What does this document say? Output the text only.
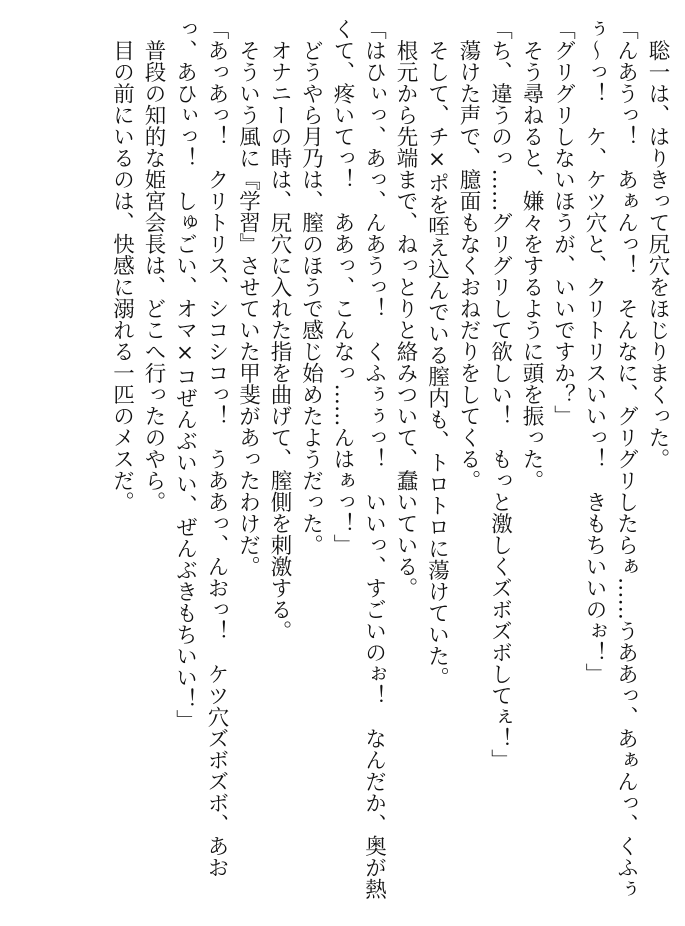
　聡一は、はりきって尻穴をほじりまくった。
「んあうっ！　あぁんっ！　そんなに、グリグリしたらぁ……うああっ、あぁんっ、くふぅぅ〜っ！　ケ、ケツ穴と、クリトリスいいっ！　きもちいいのぉ！」
「グリグリしないほうが、いいですか？」
　そう尋ねると、嫌々をするように頭を振った。
「ち、違うのっ……グリグリして欲しい！　もっと激しくズボズボしてぇ！」
　蕩けた声で、臆面もなくおねだりをしてくる。
　そして、チ×ポを咥え込んでいる膣内も、トロトロに蕩けていた。
　根元から先端まで、ねっとりと絡みついて、蠢いている。
「はひぃっ、あっ、んあうっ！　くふぅぅっ！　いいっ、すごいのぉ！　なんだか、奥が熱くて、疼いてっ！　ああっ、こんなっ……んはぁっ！」
　どうやら月乃は、膣のほうで感じ始めたようだった。
　オナニーの時は、尻穴に入れた指を曲げて、膣側を刺激する。
　そういう風に『学習』させていた甲斐があったわけだ。
「あっあっ！　クリトリス、シコシコっ！　うああっ、んおっ！　ケツ穴ズボズボ、あおっ、あひぃっ！　しゅごい、オマ×コぜんぶいい、ぜんぶきもちいい！」
　普段の知的な姫宮会長は、どこへ行ったのやら。
　目の前にいるのは、快感に溺れる一匹のメスだ。
